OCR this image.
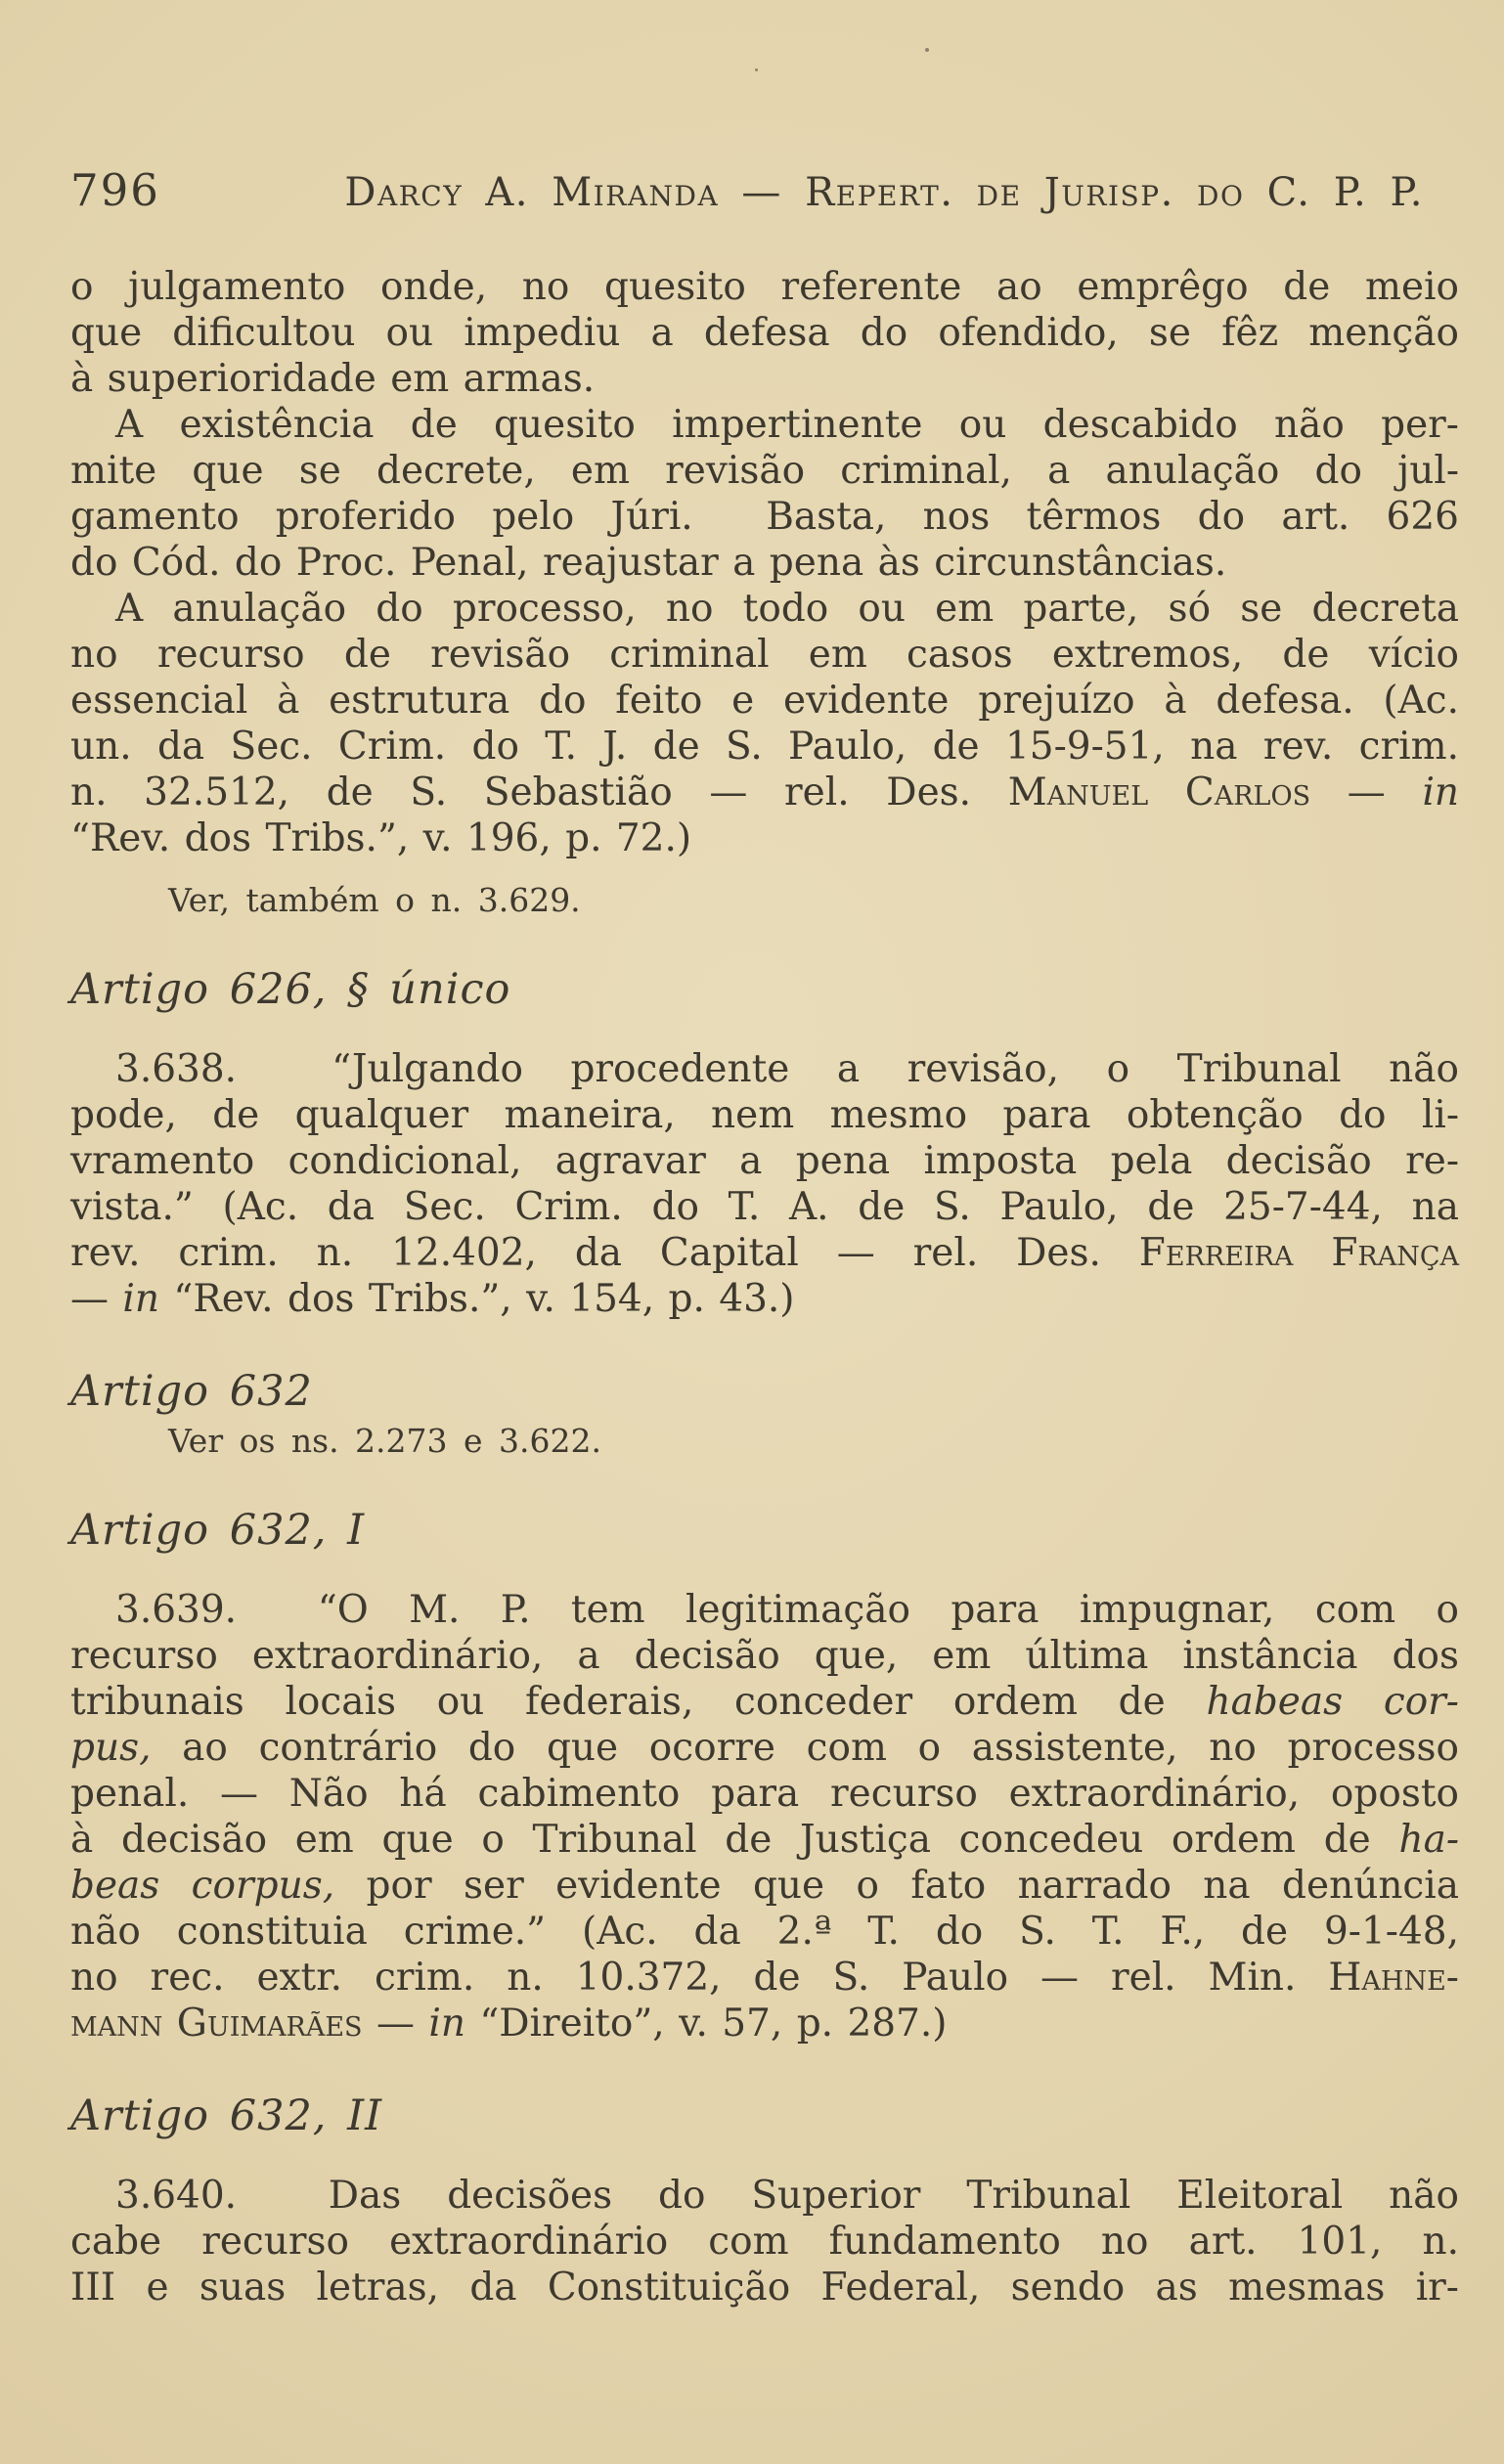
796	Darcy A. Miranda — Repert. de Jurisp. do C. P. P.
o julgamento onde, no quesito referente ao emprêgo de meio
que dificultou ou impediu a defesa do ofendido, se fêz menção
à superioridade em armas.
A existência de quesito impertinente ou descabido não per-
mite que se decrete, em revisão criminal, a anulação do jul-
gamento proferido pelo Júri.  Basta, nos têrmos do art. 626
do Cód. do Proc. Penal, reajustar a pena às circunstâncias.
A anulação do processo, no todo ou em parte, só se decreta
no recurso de revisão criminal em casos extremos, de vício
essencial à estrutura do feito e evidente prejuízo à defesa. (Ac.
un. da Sec. Crim. do T. J. de S. Paulo, de 15-9-51, na rev. crim.
n. 32.512, de S. Sebastião — rel. Des. Manuel Carlos — in
“Rev. dos Tribs.”, v. 196, p. 72.)
Ver, também o n. 3.629.
Artigo 626, § único
3.638.  “Julgando procedente a revisão, o Tribunal não
pode, de qualquer maneira, nem mesmo para obtenção do li-
vramento condicional, agravar a pena imposta pela decisão re-
vista.” (Ac. da Sec. Crim. do T. A. de S. Paulo, de 25-7-44, na
rev. crim. n. 12.402, da Capital — rel. Des. Ferreira França
— in “Rev. dos Tribs.”, v. 154, p. 43.)
Artigo 632
Ver os ns. 2.273 e 3.622.
Artigo 632, I
3.639.  “O M. P. tem legitimação para impugnar, com o
recurso extraordinário, a decisão que, em última instância dos
tribunais locais ou federais, conceder ordem de habeas cor-
pus, ao contrário do que ocorre com o assistente, no processo
penal. — Não há cabimento para recurso extraordinário, oposto
à decisão em que o Tribunal de Justiça concedeu ordem de ha-
beas corpus, por ser evidente que o fato narrado na denúncia
não constituia crime.” (Ac. da 2.ª T. do S. T. F., de 9-1-48,
no rec. extr. crim. n. 10.372, de S. Paulo — rel. Min. Hahne-
mann Guimarães — in “Direito”, v. 57, p. 287.)
Artigo 632, II
3.640.  Das decisões do Superior Tribunal Eleitoral não
cabe recurso extraordinário com fundamento no art. 101, n.
III e suas letras, da Constituição Federal, sendo as mesmas ir-
